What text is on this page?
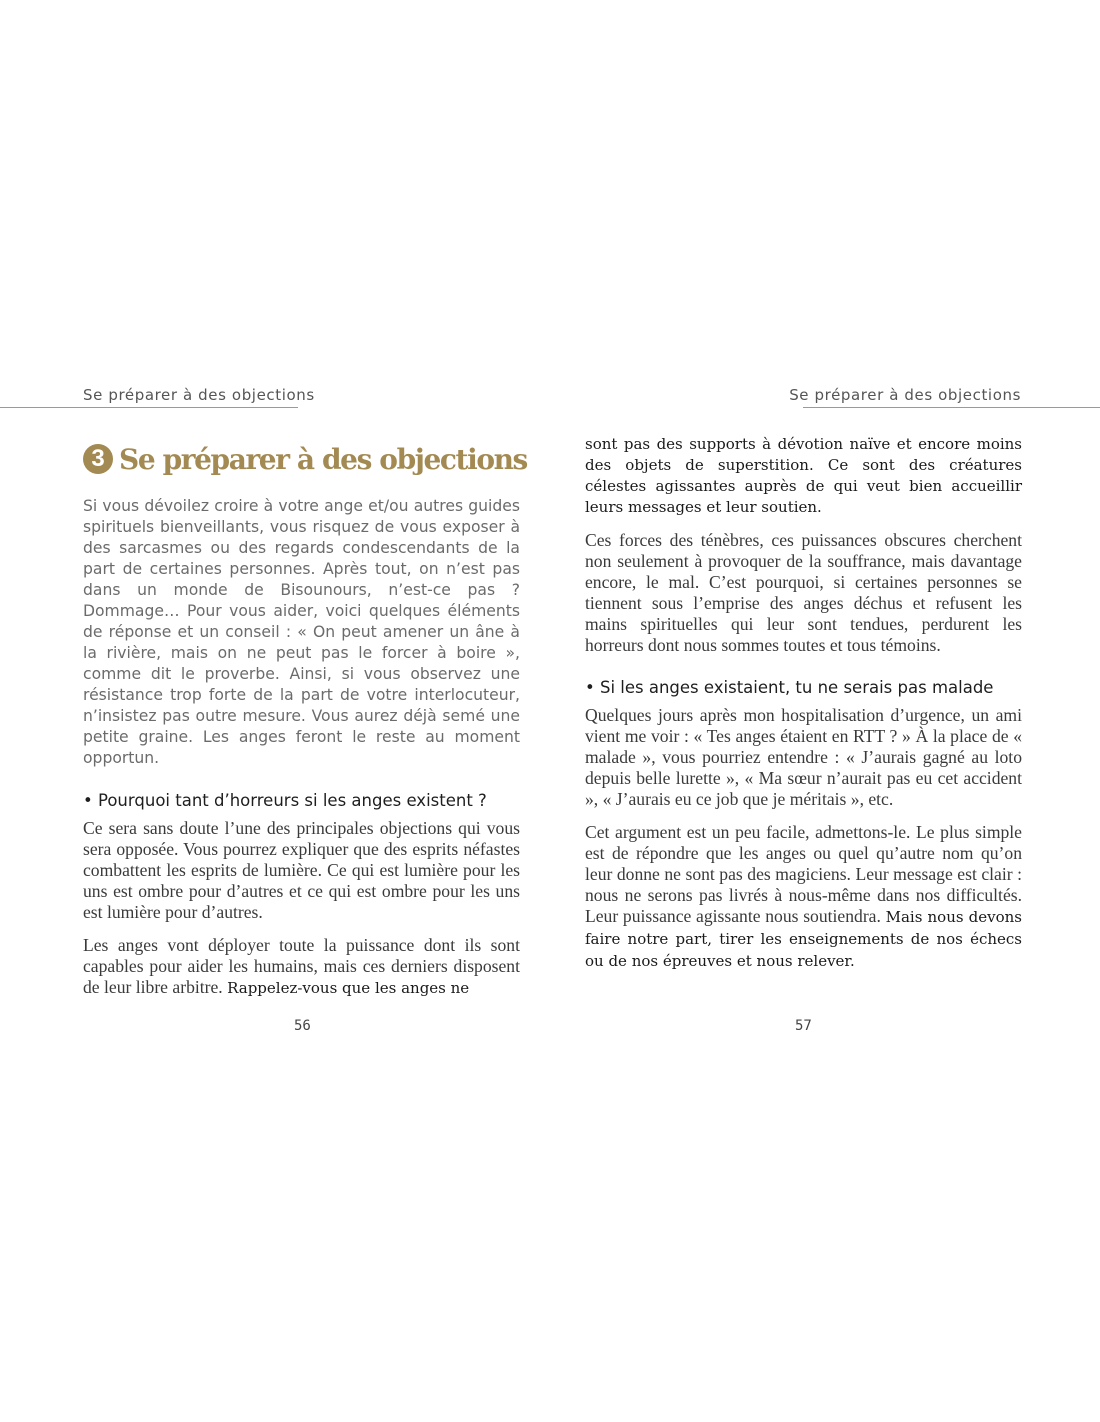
Se préparer à des objections	Se préparer à des objections
3 Se préparer à des objections

Si vous dévoilez croire à votre ange et/ou autres guides spirituels bienveillants, vous risquez de vous exposer à des sarcasmes ou des regards condescendants de la part de certaines personnes. Après tout, on n’est pas dans un monde de Bisounours, n’est-ce pas ? Dommage… Pour vous aider, voici quelques éléments de réponse et un conseil : « On peut amener un âne à la rivière, mais on ne peut pas le forcer à boire », comme dit le proverbe. Ainsi, si vous observez une résistance trop forte de la part de votre interlocuteur, n’insistez pas outre mesure. Vous aurez déjà semé une petite graine. Les anges feront le reste au moment opportun.

• Pourquoi tant d’horreurs si les anges existent ?

Ce sera sans doute l’une des principales objections qui vous sera opposée. Vous pourrez expliquer que des esprits néfastes combattent les esprits de lumière. Ce qui est lumière pour les uns est ombre pour d’autres et ce qui est ombre pour les uns est lumière pour d’autres.

Les anges vont déployer toute la puissance dont ils sont capables pour aider les humains, mais ces derniers disposent de leur libre arbitre. Rappelez-vous que les anges ne

sont pas des supports à dévotion naïve et encore moins des objets de superstition. Ce sont des créatures célestes agissantes auprès de qui veut bien accueillir leurs messages et leur soutien.

Ces forces des ténèbres, ces puissances obscures cherchent non seulement à provoquer de la souffrance, mais davantage encore, le mal. C’est pourquoi, si certaines personnes se tiennent sous l’emprise des anges déchus et refusent les mains spirituelles qui leur sont tendues, perdurent les horreurs dont nous sommes toutes et tous témoins.

• Si les anges existaient, tu ne serais pas malade

Quelques jours après mon hospitalisation d’urgence, un ami vient me voir : « Tes anges étaient en RTT ? » À la place de « malade », vous pourriez entendre : « J’aurais gagné au loto depuis belle lurette », « Ma sœur n’aurait pas eu cet accident », « J’aurais eu ce job que je méritais », etc.

Cet argument est un peu facile, admettons-le. Le plus simple est de répondre que les anges ou quel qu’autre nom qu’on leur donne ne sont pas des magiciens. Leur message est clair : nous ne serons pas livrés à nous-même dans nos difficultés. Leur puissance agissante nous soutiendra. Mais nous devons faire notre part, tirer les enseignements de nos échecs ou de nos épreuves et nous relever.

56	57
